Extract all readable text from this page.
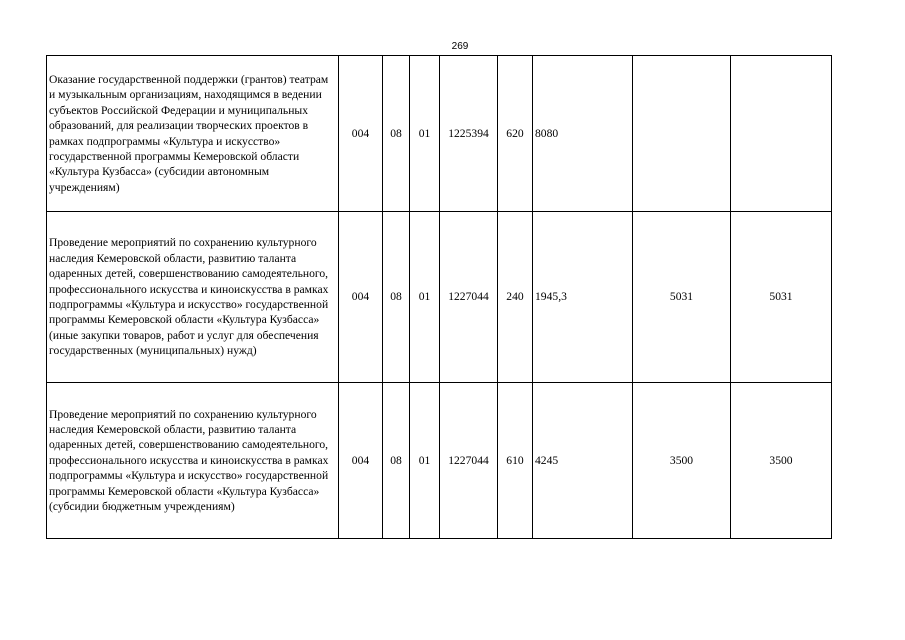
269
Оказание государственной поддержки (грантов) театрам и музыкальным организациям, находящимся в ведении субъектов Российской Федерации и муниципальных образований, для реализации творческих проектов в рамках подпрограммы «Культура и искусство» государственной программы Кемеровской области «Культура Кузбасса» (субсидии автономным учреждениям)	004	08	01	1225394	620	8080		
Проведение мероприятий по сохранению культурного наследия Кемеровской области, развитию таланта одаренных детей, совершенствованию самодеятельного, профессионального искусства и киноискусства в рамках подпрограммы «Культура и искусство» государственной программы Кемеровской области «Культура Кузбасса» (иные закупки товаров, работ и услуг для обеспечения государственных (муниципальных) нужд)	004	08	01	1227044	240	1945,3	5031	5031
Проведение мероприятий по сохранению культурного наследия Кемеровской области, развитию таланта одаренных детей, совершенствованию самодеятельного, профессионального искусства и киноискусства в рамках подпрограммы «Культура и искусство» государственной программы Кемеровской области «Культура Кузбасса» (субсидии бюджетным учреждениям)	004	08	01	1227044	610	4245	3500	3500
